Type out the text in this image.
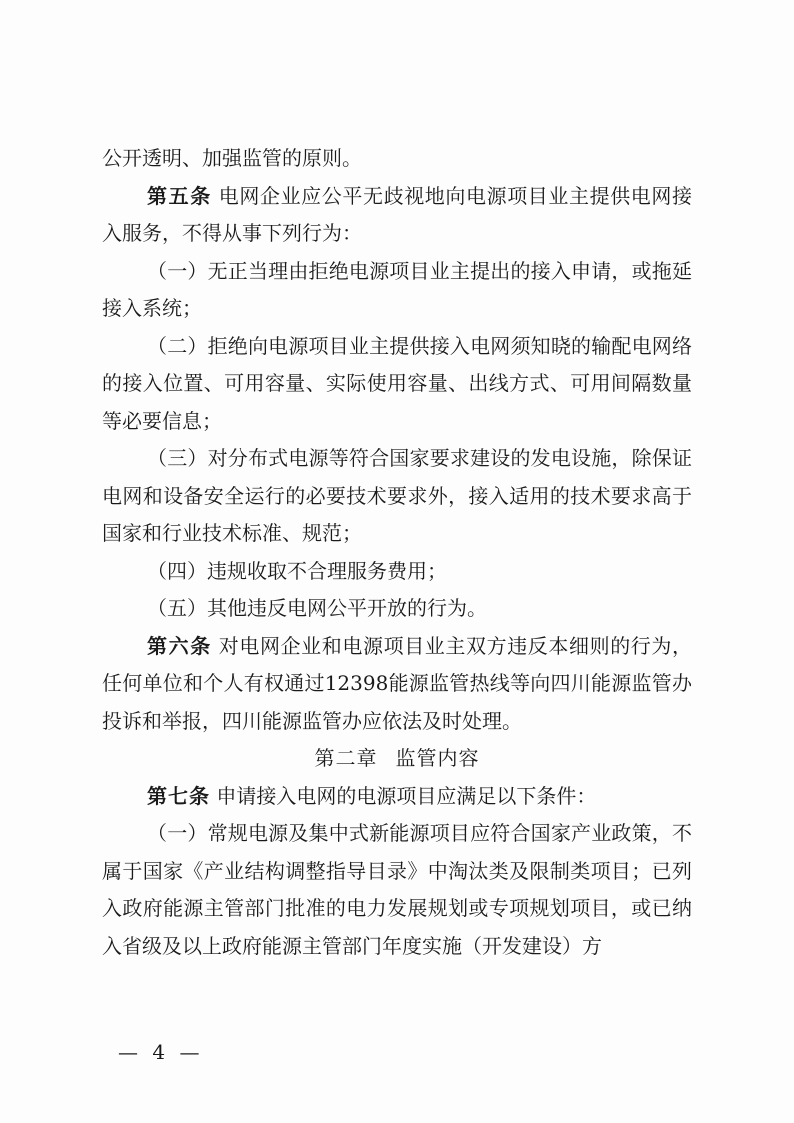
公开透明、加强监管的原则。

第五条 电网企业应公平无歧视地向电源项目业主提供电网接入服务，不得从事下列行为：

（一）无正当理由拒绝电源项目业主提出的接入申请，或拖延接入系统；

（二）拒绝向电源项目业主提供接入电网须知晓的输配电网络的接入位置、可用容量、实际使用容量、出线方式、可用间隔数量等必要信息；

（三）对分布式电源等符合国家要求建设的发电设施，除保证电网和设备安全运行的必要技术要求外，接入适用的技术要求高于国家和行业技术标准、规范；

（四）违规收取不合理服务费用；

（五）其他违反电网公平开放的行为。

第六条 对电网企业和电源项目业主双方违反本细则的行为，任何单位和个人有权通过12398能源监管热线等向四川能源监管办投诉和举报，四川能源监管办应依法及时处理。

第二章 监管内容

第七条 申请接入电网的电源项目应满足以下条件：

（一）常规电源及集中式新能源项目应符合国家产业政策，不属于国家《产业结构调整指导目录》中淘汰类及限制类项目；已列入政府能源主管部门批准的电力发展规划或专项规划项目，或已纳入省级及以上政府能源主管部门年度实施（开发建设）方

— 4 —
